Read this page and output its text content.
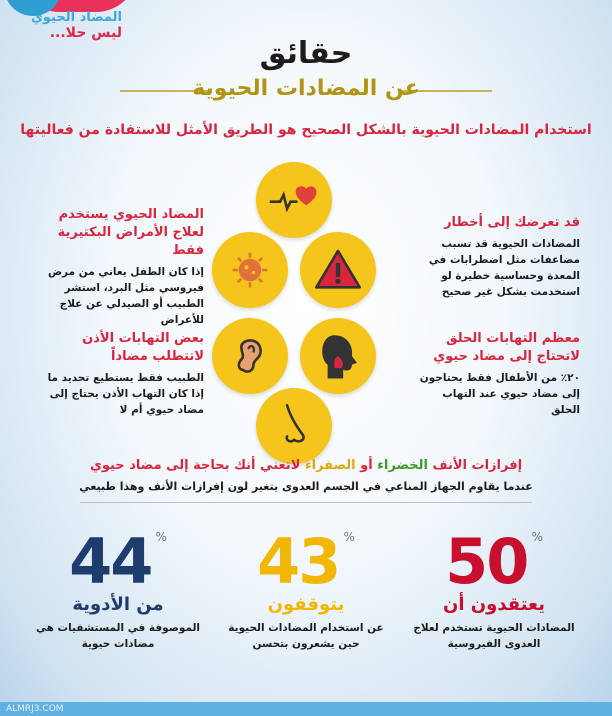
المضاد الحيوي
ليس حلا...
حقائق
عن المضادات الحيوية
استخدام المضادات الحيوية بالشكل الصحيح هو الطريق الأمثل للاستفادة من فعاليتها
المضاد الحيوي يستخدم
لعلاج الأمراض البكتيرية فقط
إذا كان الطفل يعاني من مرض فيروسي مثل البرد، استشر الطبيب أو الصيدلي عن علاج للأعراض
قد تعرضك إلى أخطار
المضادات الحيوية قد تسبب مضاعفات مثل اضطرابات في المعدة وحساسية خطيرة لو استخدمت بشكل غير صحيح
بعض التهابات الأذن
لاتتطلب مضاداً
الطبيب فقط يستطيع تحديد ما إذا كان التهاب الأذن يحتاج إلى مضاد حيوي أم لا
معظم التهابات الحلق
لاتحتاج إلى مضاد حيوي
٢٠٪ من الأطفال فقط يحتاجون إلى مضاد حيوي عند التهاب الحلق
إفرازات الأنف الخضراء أو الصفراء لاتعني أنك بحاجة إلى مضاد حيوي
عندما يقاوم الجهاز المناعي في الجسم العدوى يتغير لون إفرازات الأنف وهذا طبيعي
44 %
من الأدوية
الموصوفة في المستشفيات هي مضادات حيوية
43 %
يتوقفون
عن استخدام المضادات الحيوية حين يشعرون بتحسن
50 %
يعتقدون أن
المضادات الحيوية تستخدم لعلاج العدوى الفيروسية
ALMRJ3.COM
